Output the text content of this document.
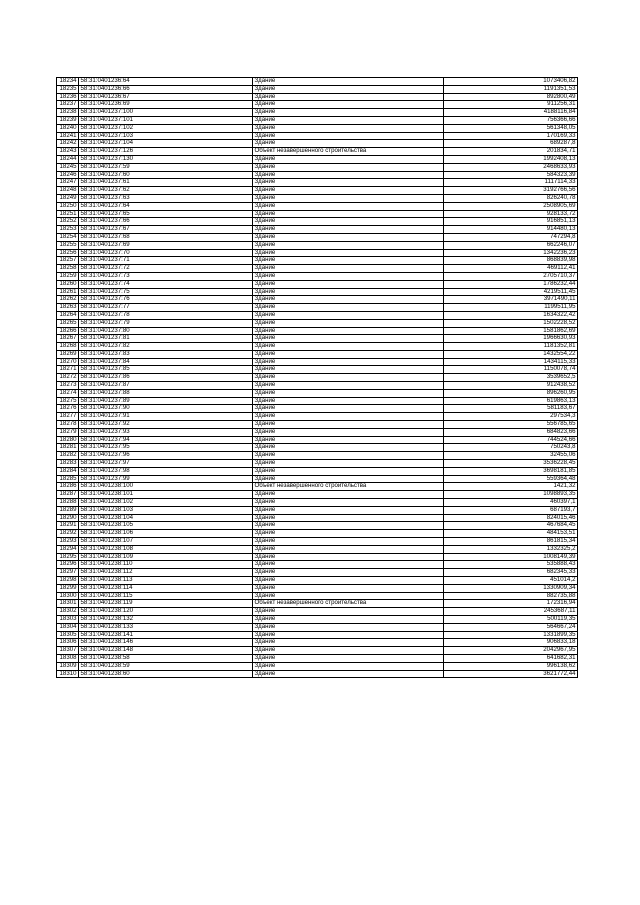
18234	58:31:0401236:64	Здание	1073406,82
18235	58:31:0401236:66	Здание	1191351,53
18236	58:31:0401236:67	Здание	892800,49
18237	58:31:0401236:69	Здание	911256,31
18238	58:31:0401237:100	Здание	4188116,84
18239	58:31:0401237:101	Здание	756366,66
18240	58:31:0401237:102	Здание	561348,05
18241	58:31:0401237:103	Здание	170169,33
18242	58:31:0401237:104	Здание	689287,8
18243	58:31:0401237:126	Объект незавершенного строительства	201834,71
18244	58:31:0401237:130	Здание	1992408,13
18245	58:31:0401237:59	Здание	2468633,93
18246	58:31:0401237:60	Здание	584323,39
18247	58:31:0401237:61	Здание	1117114,33
18248	58:31:0401237:62	Здание	3192766,56
18249	58:31:0401237:63	Здание	826240,78
18250	58:31:0401237:64	Здание	2508905,69
18251	58:31:0401237:65	Здание	928133,72
18252	58:31:0401237:66	Здание	916851,13
18253	58:31:0401237:67	Здание	914480,13
18254	58:31:0401237:68	Здание	747294,8
18255	58:31:0401237:69	Здание	662246,07
18256	58:31:0401237:70	Здание	1342236,23
18257	58:31:0401237:71	Здание	868839,98
18258	58:31:0401237:72	Здание	469112,41
18259	58:31:0401237:73	Здание	2705710,37
18260	58:31:0401237:74	Здание	1786232,44
18261	58:31:0401237:75	Здание	4219511,45
18262	58:31:0401237:76	Здание	3971490,11
18263	58:31:0401237:77	Здание	1199511,95
18264	58:31:0401237:78	Здание	1634322,42
18265	58:31:0401237:79	Здание	1502228,52
18266	58:31:0401237:80	Здание	1581862,69
18267	58:31:0401237:81	Здание	1966630,93
18268	58:31:0401237:82	Здание	1181352,81
18269	58:31:0401237:83	Здание	1432554,22
18270	58:31:0401237:84	Здание	1434115,33
18271	58:31:0401237:85	Здание	1150078,74
18272	58:31:0401237:86	Здание	3539652,5
18273	58:31:0401237:87	Здание	912438,52
18274	58:31:0401237:88	Здание	896260,95
18275	58:31:0401237:89	Здание	619863,13
18276	58:31:0401237:90	Здание	581183,67
18277	58:31:0401237:91	Здание	297534,3
18278	58:31:0401237:92	Здание	556785,65
18279	58:31:0401237:93	Здание	684823,66
18280	58:31:0401237:94	Здание	744524,66
18281	58:31:0401237:95	Здание	750243,8
18282	58:31:0401237:96	Здание	32455,06
18283	58:31:0401237:97	Здание	3536228,45
18284	58:31:0401237:98	Здание	3698181,85
18285	58:31:0401237:99	Здание	559364,48
18286	58:31:0401238:100	Объект незавершенного строительства	1421,32
18287	58:31:0401238:101	Здание	1098893,35
18288	58:31:0401238:102	Здание	460397,1
18289	58:31:0401238:103	Здание	687193,7
18290	58:31:0401238:104	Здание	824015,46
18291	58:31:0401238:105	Здание	467684,45
18292	58:31:0401238:106	Здание	484153,51
18293	58:31:0401238:107	Здание	861815,34
18294	58:31:0401238:108	Здание	1332325,2
18295	58:31:0401238:109	Здание	1008149,39
18296	58:31:0401238:110	Здание	535888,43
18297	58:31:0401238:112	Здание	682345,33
18298	58:31:0401238:113	Здание	451014,2
18299	58:31:0401238:114	Здание	1330909,34
18300	58:31:0401238:115	Здание	882735,88
18301	58:31:0401238:119	Объект незавершенного строительства	172316,94
18302	58:31:0401238:120	Здание	2453687,11
18303	58:31:0401238:132	Здание	500119,35
18304	58:31:0401238:133	Здание	564667,24
18305	58:31:0401238:141	Здание	1331899,35
18306	58:31:0401238:146	Здание	906833,18
18307	58:31:0401238:148	Здание	2042967,95
18308	58:31:0401238:58	Здание	641682,31
18309	58:31:0401238:59	Здание	996138,62
18310	58:31:0401238:60	Здание	3621772,44
